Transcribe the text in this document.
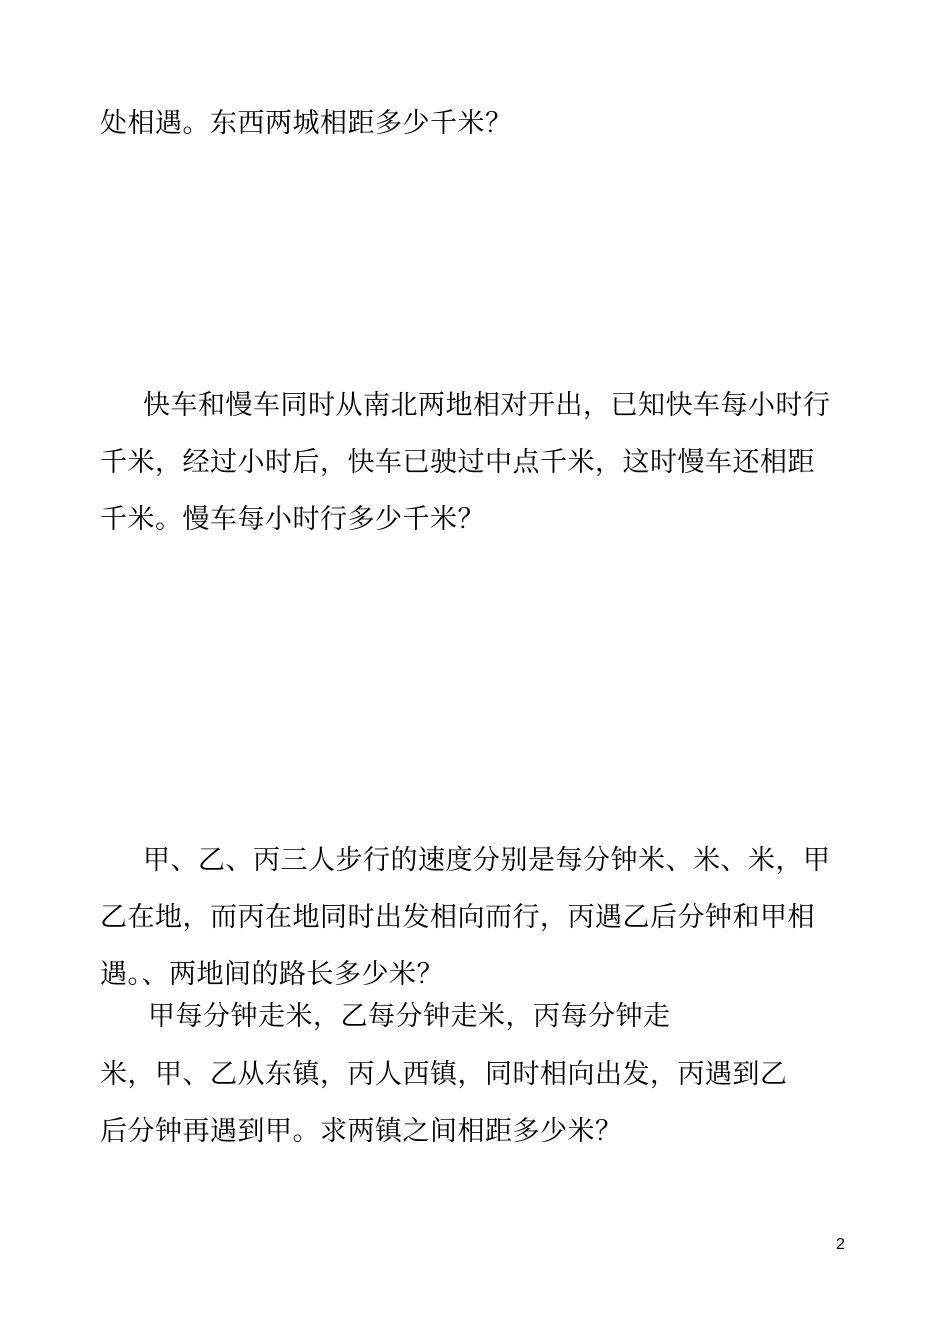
处相遇。东西两城相距多少千米？
快车和慢车同时从南北两地相对开出，已知快车每小时行
千米，经过小时后，快车已驶过中点千米，这时慢车还相距
千米。慢车每小时行多少千米？
甲、乙、丙三人步行的速度分别是每分钟米、米、米，甲
乙在地，而丙在地同时出发相向而行，丙遇乙后分钟和甲相
遇。、两地间的路长多少米？
甲每分钟走米，乙每分钟走米，丙每分钟走
米，甲、乙从东镇，丙人西镇，同时相向出发，丙遇到乙
后分钟再遇到甲。求两镇之间相距多少米？
2
